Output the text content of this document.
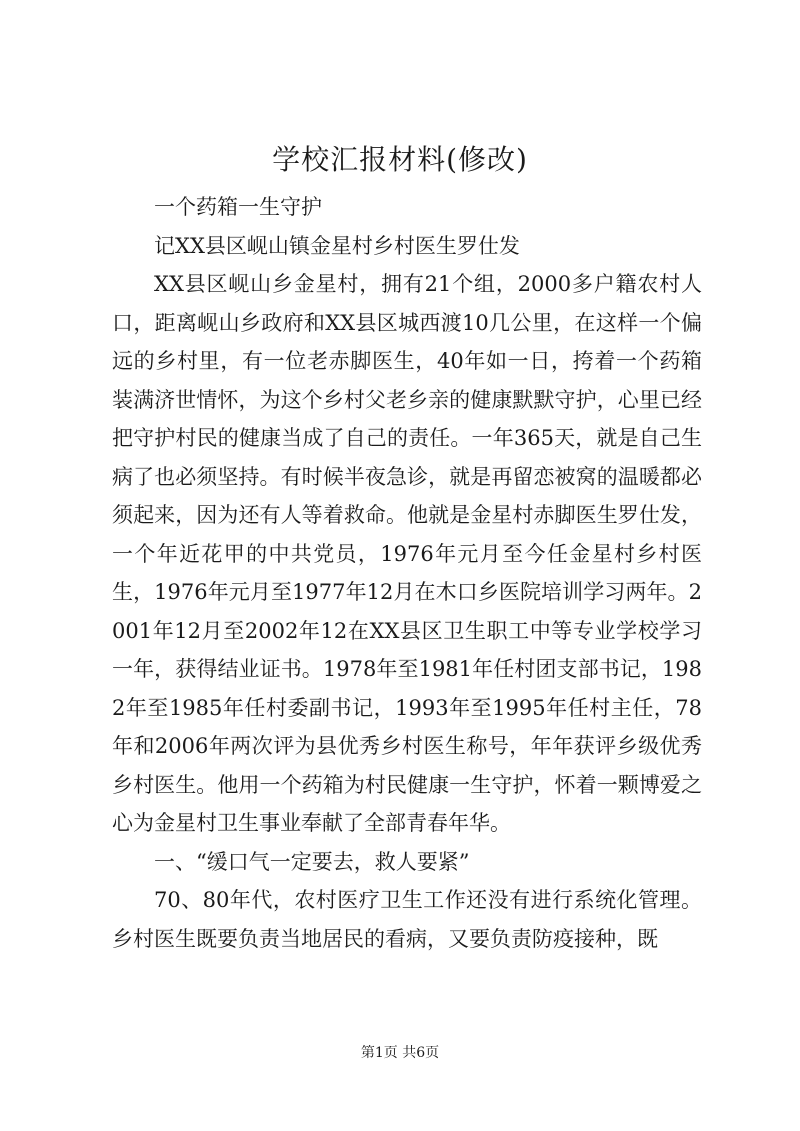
学校汇报材料(修改)

一个药箱一生守护

记XX县区岘山镇金星村乡村医生罗仕发

XX县区岘山乡金星村，拥有21个组，2000多户籍农村人口，距离岘山乡政府和XX县区城西渡10几公里，在这样一个偏远的乡村里，有一位老赤脚医生，40年如一日，挎着一个药箱装满济世情怀，为这个乡村父老乡亲的健康默默守护，心里已经把守护村民的健康当成了自己的责任。一年365天，就是自己生病了也必须坚持。有时候半夜急诊，就是再留恋被窝的温暖都必须起来，因为还有人等着救命。他就是金星村赤脚医生罗仕发，一个年近花甲的中共党员，1976年元月至今任金星村乡村医生，1976年元月至1977年12月在木口乡医院培训学习两年。2001年12月至2002年12在XX县区卫生职工中等专业学校学习一年，获得结业证书。1978年至1981年任村团支部书记，1982年至1985年任村委副书记，1993年至1995年任村主任，78年和2006年两次评为县优秀乡村医生称号，年年获评乡级优秀乡村医生。他用一个药箱为村民健康一生守护，怀着一颗博爱之心为金星村卫生事业奉献了全部青春年华。

一、“缓口气一定要去，救人要紧”

70、80年代，农村医疗卫生工作还没有进行系统化管理。乡村医生既要负责当地居民的看病，又要负责防疫接种，既

第1页 共6页
